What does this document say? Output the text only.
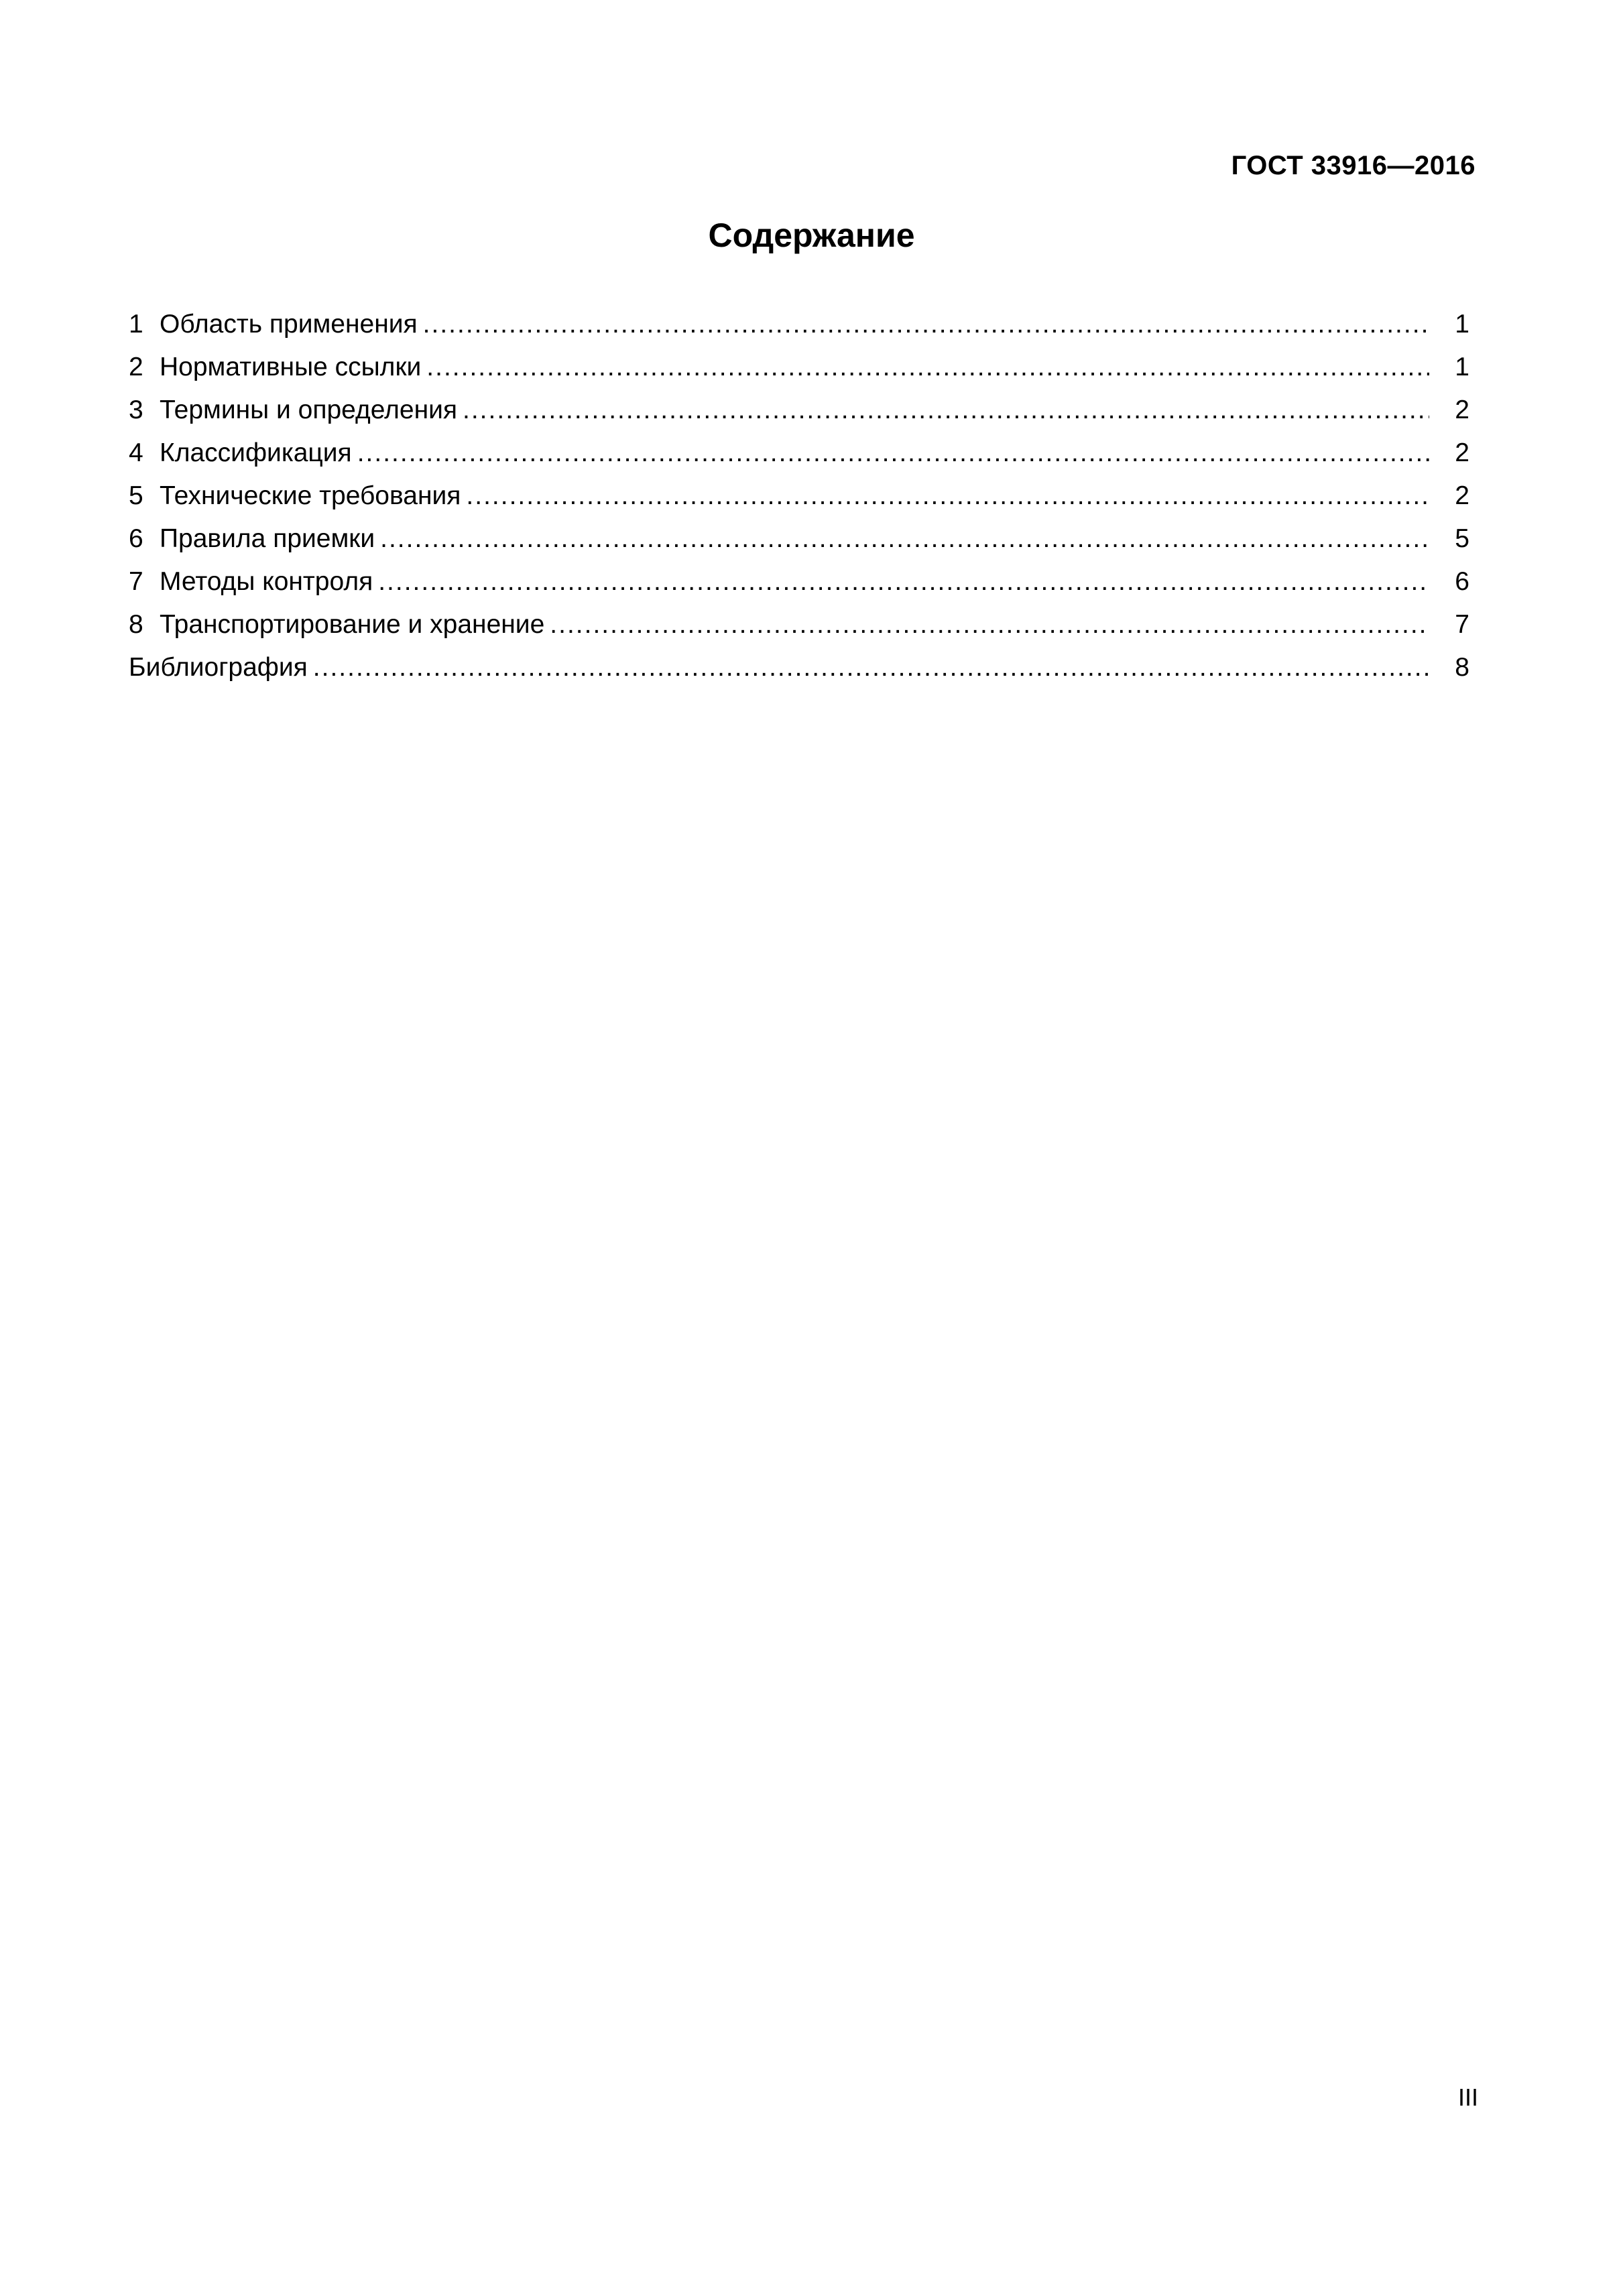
ГОСТ 33916—2016
Содержание
1 Область применения .....	1
2 Нормативные ссылки .....	1
3 Термины и определения .....	2
4 Классификация .....	2
5 Технические требования .....	2
6 Правила приемки .....	5
7 Методы контроля .....	6
8 Транспортирование и хранение .....	7
Библиография .....	8
III
